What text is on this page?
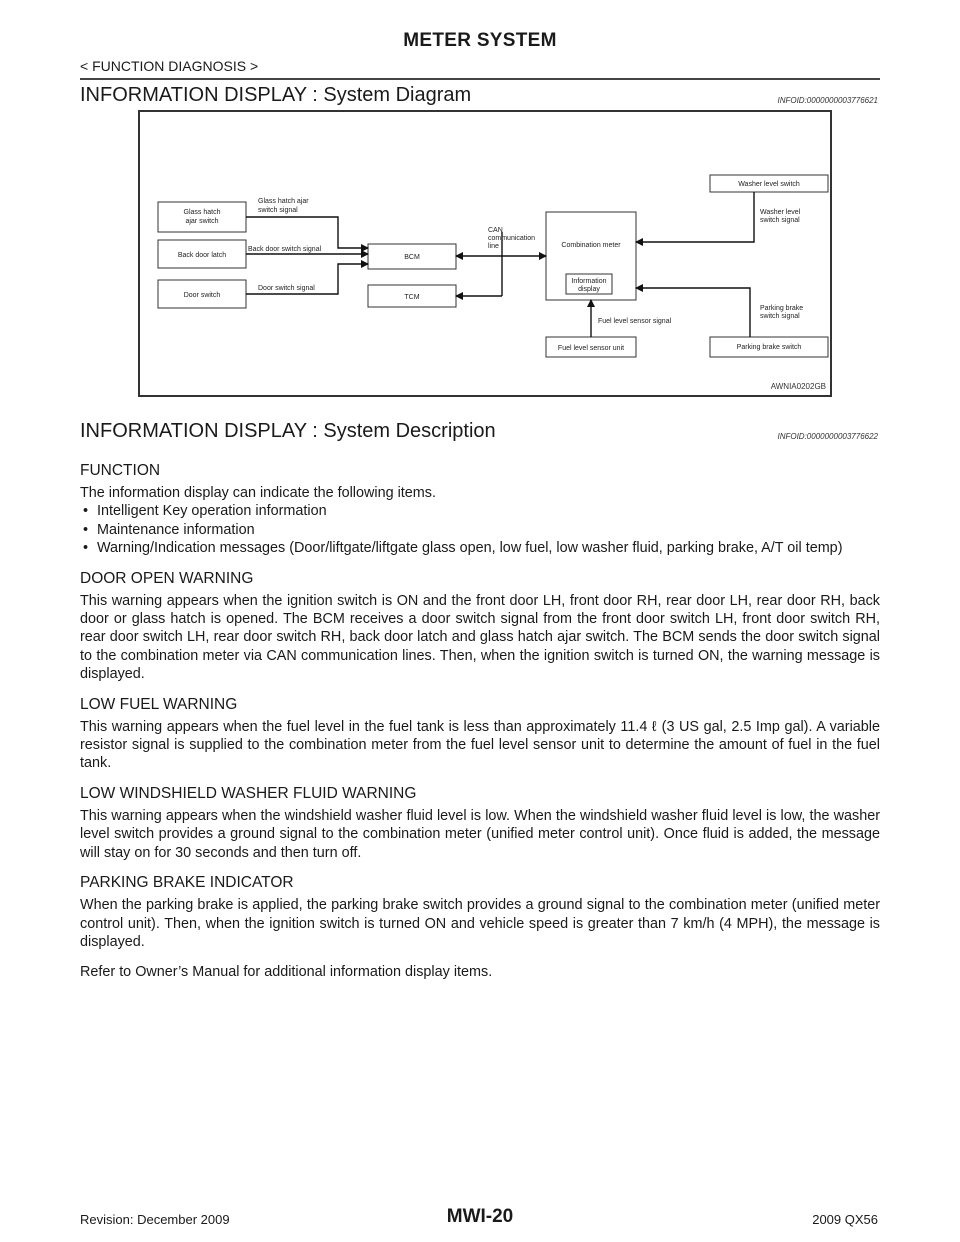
METER SYSTEM
< FUNCTION DIAGNOSIS >
INFORMATION DISPLAY : System Diagram	INFOID:0000000003776621
Glass hatch ajar switch
Back door latch
Door switch
Glass hatch ajar switch signal
Back door switch signal
Door switch signal
BCM
TCM
CAN communication line	Combination meter
Information display
Washer level switch
Washer level switch signal
Parking brake switch signal
Parking brake switch
Fuel level sensor signal
Fuel level sensor unit
AWNIA0202GB
INFORMATION DISPLAY : System Description	INFOID:0000000003776622
FUNCTION

The information display can indicate the following items.

• Intelligent Key operation information
• Maintenance information
• Warning/Indication messages (Door/liftgate/liftgate glass open, low fuel, low washer fluid, parking brake, A/T oil temp)
DOOR OPEN WARNING

This warning appears when the ignition switch is ON and the front door LH, front door RH, rear door LH, rear door RH, back door or glass hatch is opened. The BCM receives a door switch signal from the front door switch LH, front door switch RH, rear door switch LH, rear door switch RH, back door latch and glass hatch ajar switch. The BCM sends the door switch signal to the combination meter via CAN communication lines. Then, when the ignition switch is turned ON, the warning message is displayed.

LOW FUEL WARNING

This warning appears when the fuel level in the fuel tank is less than approximately 11.4 ℓ (3 US gal, 2.5 Imp gal). A variable resistor signal is supplied to the combination meter from the fuel level sensor unit to determine the amount of fuel in the fuel tank.

LOW WINDSHIELD WASHER FLUID WARNING

This warning appears when the windshield washer fluid level is low. When the windshield washer fluid level is low, the washer level switch provides a ground signal to the combination meter (unified meter control unit). Once fluid is added, the message will stay on for 30 seconds and then turn off.

PARKING BRAKE INDICATOR

When the parking brake is applied, the parking brake switch provides a ground signal to the combination meter (unified meter control unit). Then, when the ignition switch is turned ON and vehicle speed is greater than 7 km/h (4 MPH), the message is displayed.

Refer to Owner’s Manual for additional information display items.

MWI-20
Revision: December 2009	2009 QX56
